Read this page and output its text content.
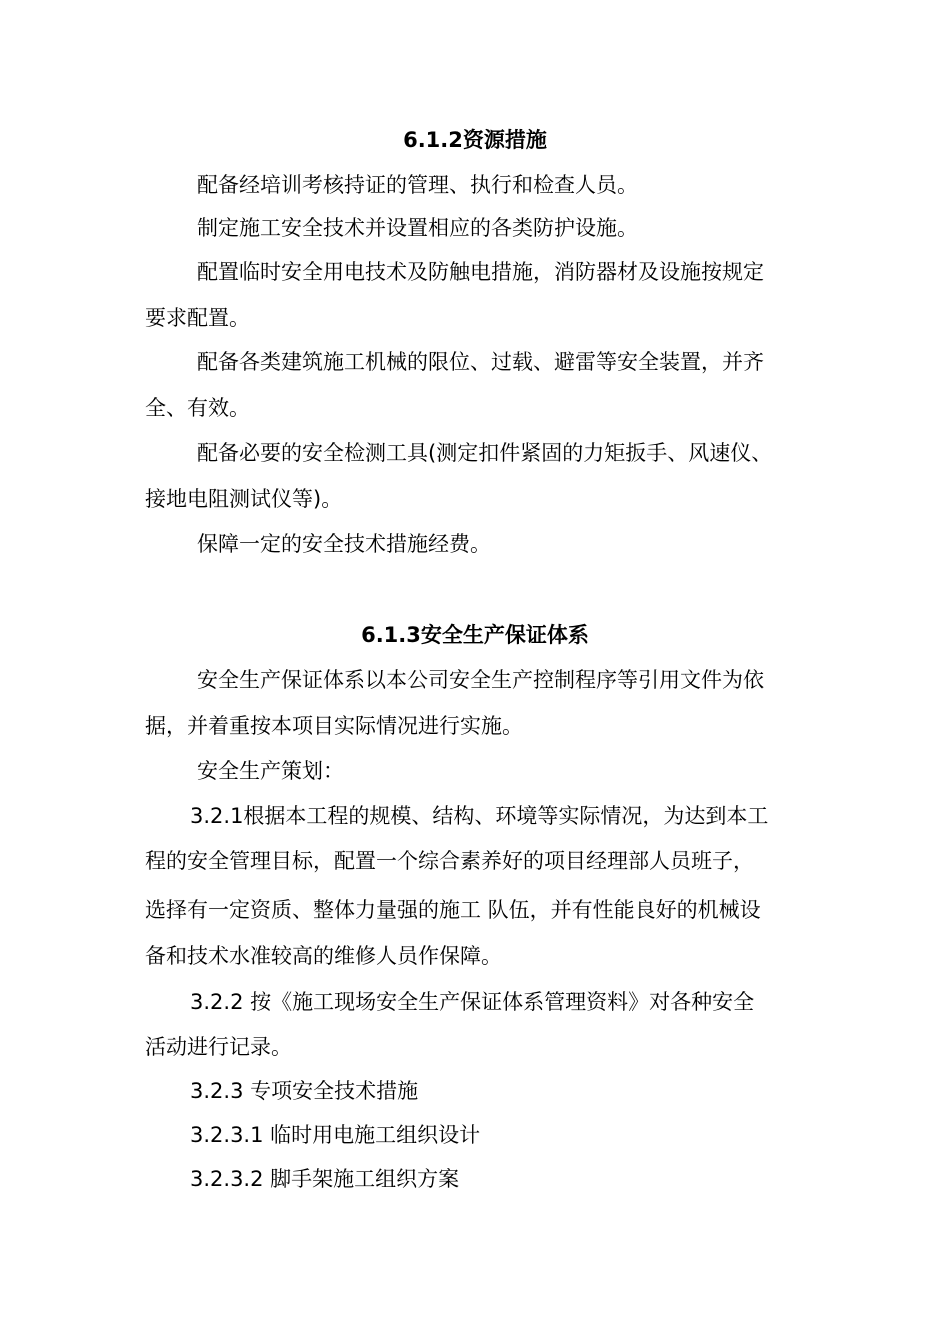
6.1.2资源措施
配备经培训考核持证的管理、执行和检查人员。
制定施工安全技术并设置相应的各类防护设施。
配置临时安全用电技术及防触电措施，消防器材及设施按规定
要求配置。
配备各类建筑施工机械的限位、过载、避雷等安全装置，并齐
全、有效。
配备必要的安全检测工具(测定扣件紧固的力矩扳手、风速仪、
接地电阻测试仪等)。
保障一定的安全技术措施经费。
6.1.3安全生产保证体系
安全生产保证体系以本公司安全生产控制程序等引用文件为依
据，并着重按本项目实际情况进行实施。
安全生产策划：
3.2.1根据本工程的规模、结构、环境等实际情况，为达到本工
程的安全管理目标，配置一个综合素养好的项目经理部人员班子，
选择有一定资质、整体力量强的施工 队伍，并有性能良好的机械设
备和技术水准较高的维修人员作保障。
3.2.2 按《施工现场安全生产保证体系管理资料》对各种安全
活动进行记录。
3.2.3 专项安全技术措施
3.2.3.1 临时用电施工组织设计
3.2.3.2 脚手架施工组织方案
